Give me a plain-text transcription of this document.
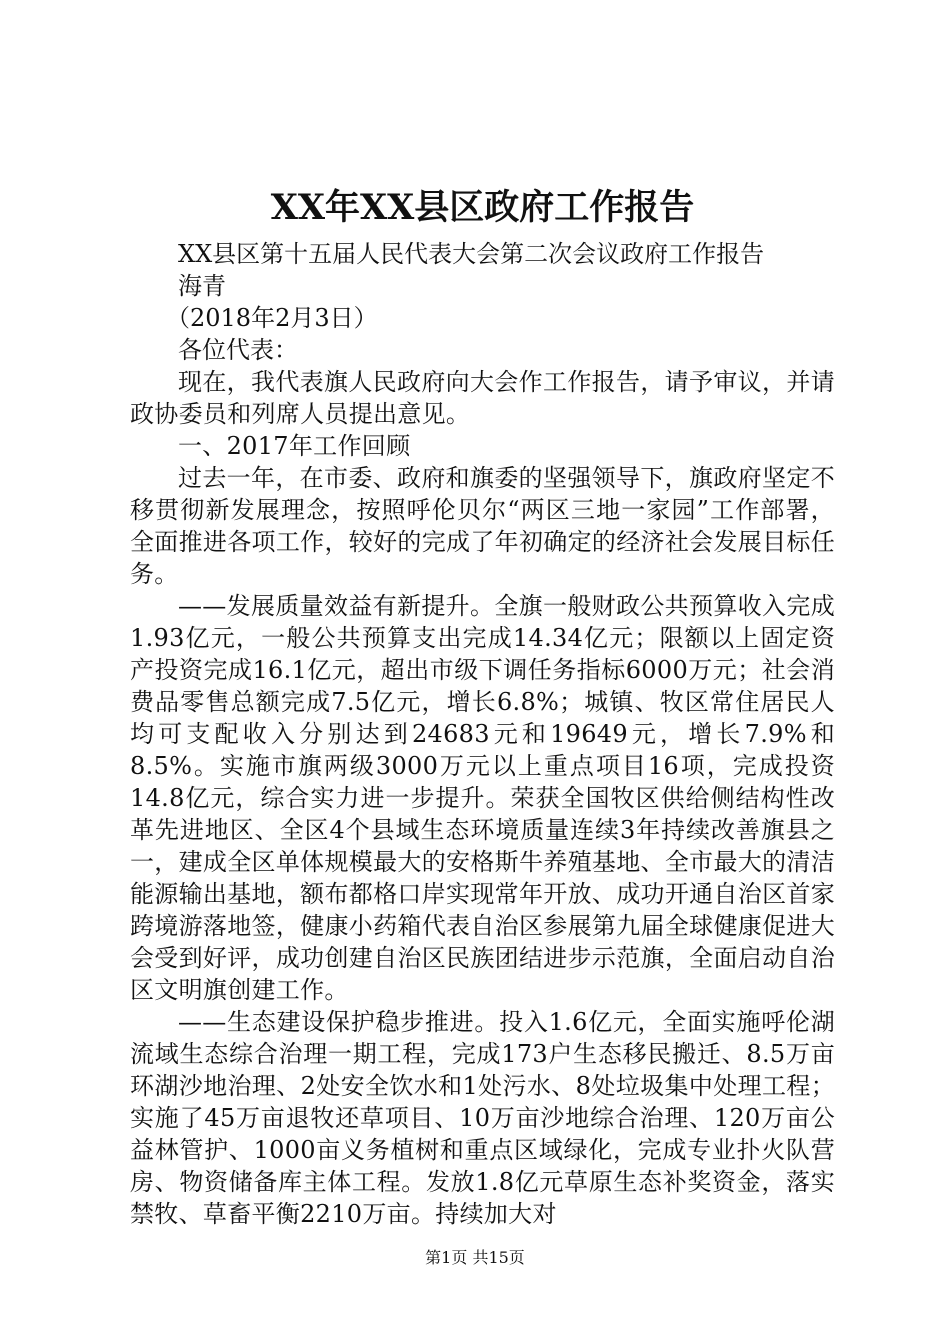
XX年XX县区政府工作报告

XX县区第十五届人民代表大会第二次会议政府工作报告

海青

（2018年2月3日）

各位代表：

现在，我代表旗人民政府向大会作工作报告，请予审议，并请政协委员和列席人员提出意见。

一、2017年工作回顾

过去一年，在市委、政府和旗委的坚强领导下，旗政府坚定不移贯彻新发展理念，按照呼伦贝尔“两区三地一家园”工作部署，全面推进各项工作，较好的完成了年初确定的经济社会发展目标任务。

——发展质量效益有新提升。全旗一般财政公共预算收入完成1.93亿元，一般公共预算支出完成14.34亿元；限额以上固定资产投资完成16.1亿元，超出市级下调任务指标6000万元；社会消费品零售总额完成7.5亿元，增长6.8%；城镇、牧区常住居民人均可支配收入分别达到24683元和19649元，增长7.9%和8.5%。实施市旗两级3000万元以上重点项目16项，完成投资14.8亿元，综合实力进一步提升。荣获全国牧区供给侧结构性改革先进地区、全区4个县域生态环境质量连续3年持续改善旗县之一，建成全区单体规模最大的安格斯牛养殖基地、全市最大的清洁能源输出基地，额布都格口岸实现常年开放、成功开通自治区首家跨境游落地签，健康小药箱代表自治区参展第九届全球健康促进大会受到好评，成功创建自治区民族团结进步示范旗，全面启动自治区文明旗创建工作。

——生态建设保护稳步推进。投入1.6亿元，全面实施呼伦湖流域生态综合治理一期工程，完成173户生态移民搬迁、8.5万亩环湖沙地治理、2处安全饮水和1处污水、8处垃圾集中处理工程；实施了45万亩退牧还草项目、10万亩沙地综合治理、120万亩公益林管护、1000亩义务植树和重点区域绿化，完成专业扑火队营房、物资储备库主体工程。发放1.8亿元草原生态补奖资金，落实禁牧、草畜平衡2210万亩。持续加大对

第1页 共15页
